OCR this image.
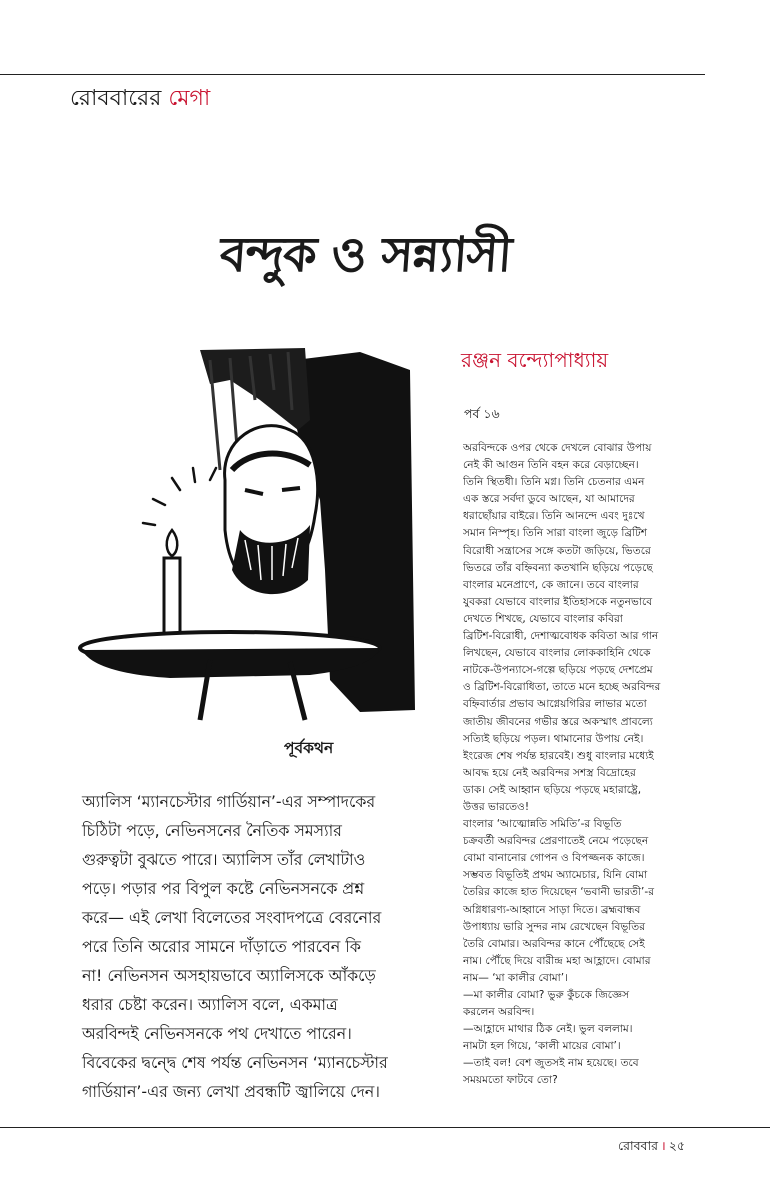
রোববারের মেগা
বন্দুক ও সন্ন্যাসী
রঞ্জন বন্দ্যোপাধ্যায়
পর্ব ১৬
পূর্বকথন
অ্যালিস ‘ম্যানচেস্টার গার্ডিয়ান’-এর সম্পাদকের
চিঠিটা পড়ে, নেভিনসনের নৈতিক সমস্যার
গুরুত্বটা বুঝতে পারে। অ্যালিস তাঁর লেখাটাও
পড়ে। পড়ার পর বিপুল কষ্টে নেভিনসনকে প্রশ্ন
করে— এই লেখা বিলেতের সংবাদপত্রে বেরনোর
পরে তিনি অরোর সামনে দাঁড়াতে পারবেন কি
না! নেভিনসন অসহায়ভাবে অ্যালিসকে আঁকড়ে
ধরার চেষ্টা করেন। অ্যালিস বলে, একমাত্র
অরবিন্দই নেভিনসনকে পথ দেখাতে পারেন।
বিবেকের দ্বন্দ্বে শেষ পর্যন্ত নেভিনসন ‘ম্যানচেস্টার
গার্ডিয়ান’-এর জন্য লেখা প্রবন্ধটি জ্বালিয়ে দেন।
অরবিন্দকে ওপর থেকে দেখলে বোঝার উপায়
নেই কী আগুন তিনি বহন করে বেড়াচ্ছেন।
তিনি স্থিতধী। তিনি মগ্ন। তিনি চেতনার এমন
এক স্তরে সর্বদা ডুবে আছেন, যা আমাদের
ধরাছোঁয়ার বাইরে। তিনি আনন্দে এবং দুঃখে
সমান নিস্পৃহ। তিনি সারা বাংলা জুড়ে ব্রিটিশ
বিরোধী সন্ত্রাসের সঙ্গে কতটা জড়িয়ে, ভিতরে
ভিতরে তাঁর বহ্নিবন্যা কতখানি ছড়িয়ে পড়েছে
বাংলার মনেপ্রাণে, কে জানে। তবে বাংলার
যুবকরা যেভাবে বাংলার ইতিহাসকে নতুনভাবে
দেখতে শিখছে, যেভাবে বাংলার কবিরা
ব্রিটিশ-বিরোধী, দেশাত্মবোধক কবিতা আর গান
লিখছেন, যেভাবে বাংলার লোককাহিনি থেকে
নাটকে-উপন্যাসে-গল্পে ছড়িয়ে পড়ছে দেশপ্রেম
ও ব্রিটিশ-বিরোধিতা, তাতে মনে হচ্ছে অরবিন্দর
বহ্নিবার্তার প্রভাব আগ্নেয়গিরির লাভার মতো
জাতীয় জীবনের গভীর স্তরে অকস্মাৎ প্রাবল্যে
সত্যিই ছড়িয়ে পড়ল। থামানোর উপায় নেই।
ইংরেজ শেষ পর্যন্ত হারবেই। শুধু বাংলার মধ্যেই
আবদ্ধ হয়ে নেই অরবিন্দর সশস্ত্র বিদ্রোহের
ডাক। সেই আহ্বান ছড়িয়ে পড়ছে মহারাষ্ট্রে,
উত্তর ভারতেও!
বাংলার ‘আত্মোন্নতি সমিতি’-র বিভূতি
চক্রবর্তী অরবিন্দর প্রেরণাতেই নেমে পড়েছেন
বোমা বানানোর গোপন ও বিপজ্জনক কাজে।
সম্ভবত বিভূতিই প্রথম অ্যামেচার, যিনি বোমা
তৈরির কাজে হাত দিয়েছেন ‘ভবানী ভারতী’-র
অগ্নিধারণ্য-আহ্বানে সাড়া দিতে। ব্রহ্মবান্ধব
উপাধ্যায় ভারি সুন্দর নাম রেখেছেন বিভূতির
তৈরি বোমার। অরবিন্দর কানে পৌঁছেছে সেই
নাম। পৌঁছে দিয়ে বারীন্দ্র মহা আহ্লাদে। বোমার
নাম— ‘মা কালীর বোমা’।
—মা কালীর বোমা? ভুরু কুঁচকে জিজ্ঞেস
করলেন অরবিন্দ।
—আহ্লাদে মাথার ঠিক নেই। ভুল বললাম।
নামটা হল গিয়ে, ‘কালী মায়ের বোমা’।
—তাই বল! বেশ জুতসই নাম হয়েছে। তবে
সময়মতো ফাটবে তো?
রোববার । ২৫
